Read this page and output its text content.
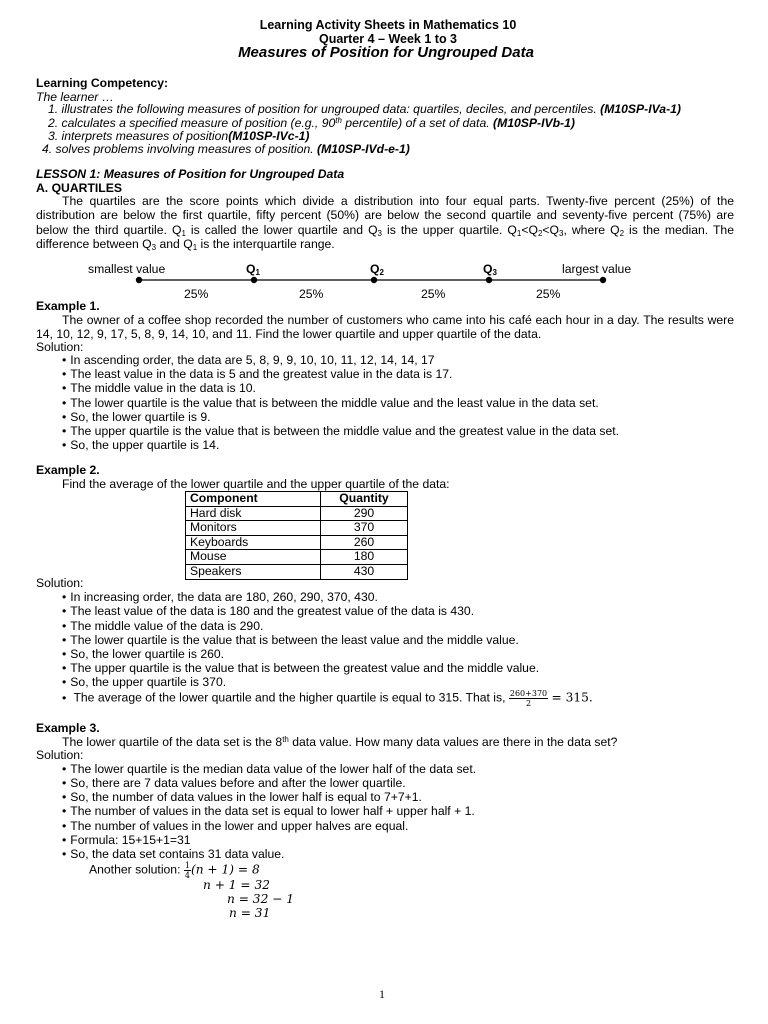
Learning Activity Sheets in Mathematics 10
Quarter 4 – Week 1 to 3
Measures of Position for Ungrouped Data
Learning Competency:
The learner …
1. illustrates the following measures of position for ungrouped data: quartiles, deciles, and percentiles. (M10SP-IVa-1)
2. calculates a specified measure of position (e.g., 90th percentile) of a set of data. (M10SP-IVb-1)
3. interprets measures of position(M10SP-IVc-1)
4. solves problems involving measures of position. (M10SP-IVd-e-1)
LESSON 1: Measures of Position for Ungrouped Data
A. QUARTILES
The quartiles are the score points which divide a distribution into four equal parts. Twenty-five percent (25%) of the distribution are below the first quartile, fifty percent (50%) are below the second quartile and seventy-five percent (75%) are below the third quartile. $Q_1$ is called the lower quartile and $Q_3$ is the upper quartile. $Q_1<Q_2<Q_3$, where $Q_2$ is the median. The difference between $Q_3$ and $Q_1$ is the interquartile range.
smallest value	$Q_1$	$Q_2$	$Q_3$	largest value
25%	25%	25%	25%
Example 1.
The owner of a coffee shop recorded the number of customers who came into his café each hour in a day. The results were 14, 10, 12, 9, 17, 5, 8, 9, 14, 10, and 11. Find the lower quartile and upper quartile of the data.
Solution:
• In ascending order, the data are 5, 8, 9, 9, 10, 10, 11, 12, 14, 14, 17
• The least value in the data is 5 and the greatest value in the data is 17.
• The middle value in the data is 10.
• The lower quartile is the value that is between the middle value and the least value in the data set.
• So, the lower quartile is 9.
• The upper quartile is the value that is between the middle value and the greatest value in the data set.
• So, the upper quartile is 14.
Example 2.
Find the average of the lower quartile and the upper quartile of the data:
Component	Quantity
Hard disk	290
Monitors	370
Keyboards	260
Mouse	180
Speakers	430
Solution:
• In increasing order, the data are 180, 260, 290, 370, 430.
• The least value of the data is 180 and the greatest value of the data is 430.
• The middle value of the data is 290.
• The lower quartile is the value that is between the least value and the middle value.
• So, the lower quartile is 260.
• The upper quartile is the value that is between the greatest value and the middle value.
• So, the upper quartile is 370.
• The average of the lower quartile and the higher quartile is equal to 315. That is, $\frac{260+370}{2} = 315$.
Example 3.
The lower quartile of the data set is the 8th data value. How many data values are there in the data set?
Solution:
• The lower quartile is the median data value of the lower half of the data set.
• So, there are 7 data values before and after the lower quartile.
• So, the number of data values in the lower half is equal to 7+7+1.
• The number of values in the data set is equal to lower half + upper half + 1.
• The number of values in the lower and upper halves are equal.
• Formula: 15+15+1=31
• So, the data set contains 31 data value.
Another solution: $\frac{1}{4} (n + 1) = 8$
n + 1 = 32
n = 32 − 1
n = 31
1
